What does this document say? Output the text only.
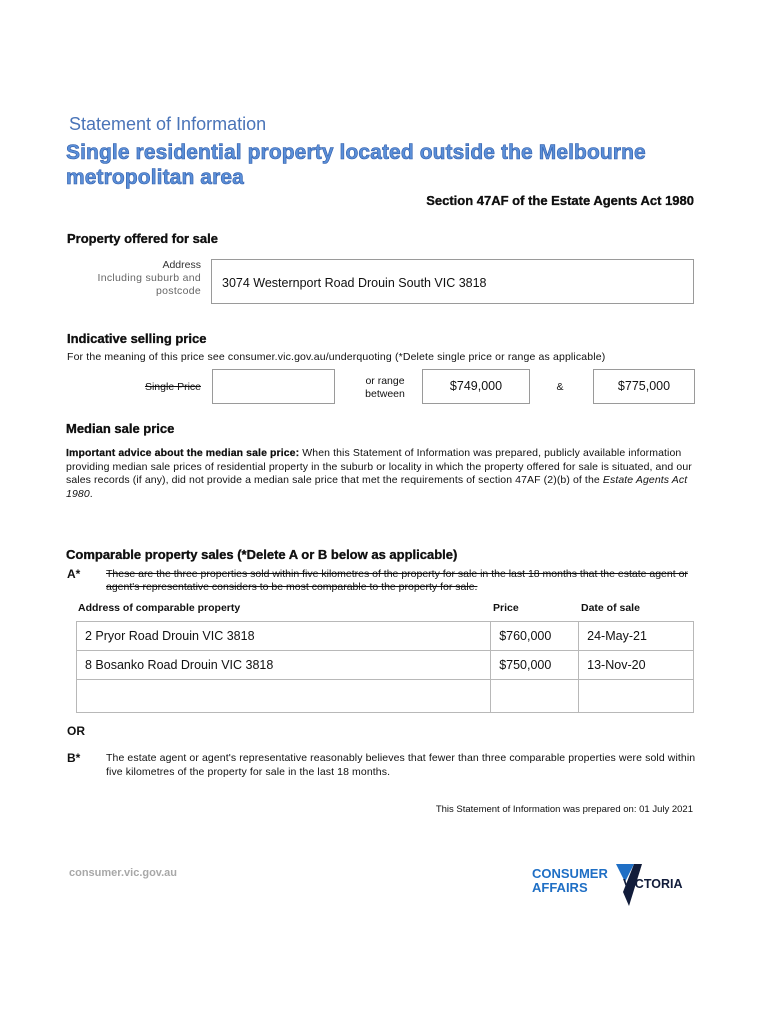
Statement of Information
Single residential property located outside the Melbourne
metropolitan area
Section 47AF of the Estate Agents Act 1980
Property offered for sale
Address
Including suburb and
postcode
3074 Westernport Road Drouin South VIC 3818
Indicative selling price
For the meaning of this price see consumer.vic.gov.au/underquoting (*Delete single price or range as applicable)
Single Price	or range
between
$749,000	&	$775,000
Median sale price
Important advice about the median sale price: When this Statement of Information was prepared, publicly available information providing median sale prices of residential property in the suburb or locality in which the property offered for sale is situated, and our sales records (if any), did not provide a median sale price that met the requirements of section 47AF (2)(b) of the Estate Agents Act 1980.
Comparable property sales (*Delete A or B below as applicable)
A* These are the three properties sold within five kilometres of the property for sale in the last 18 months that the estate agent or agent's representative considers to be most comparable to the property for sale.
Address of comparable property	Price	Date of sale
2 Pryor Road Drouin VIC 3818	$760,000	24-May-21
8 Bosanko Road Drouin VIC 3818	$750,000	13-Nov-20

OR
B* The estate agent or agent's representative reasonably believes that fewer than three comparable properties were sold within five kilometres of the property for sale in the last 18 months.
This Statement of Information was prepared on: 01 July 2021
consumer.vic.gov.au	CONSUMER
AFFAIRS	VICTORIA
